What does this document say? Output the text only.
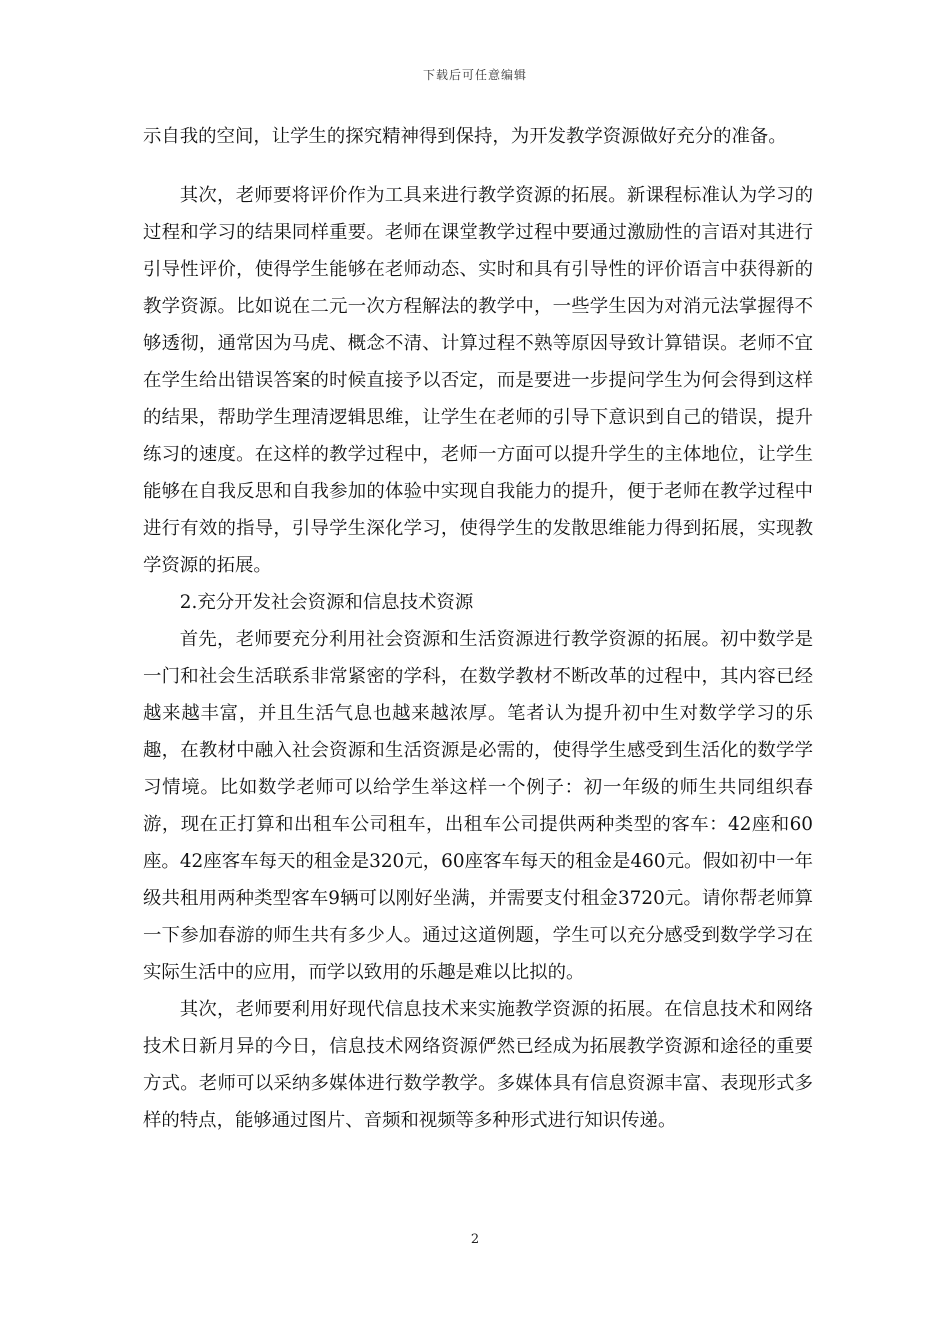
下载后可任意编辑

示自我的空间，让学生的探究精神得到保持，为开发教学资源做好充分的准备。

其次，老师要将评价作为工具来进行教学资源的拓展。新课程标准认为学习的过程和学习的结果同样重要。老师在课堂教学过程中要通过激励性的言语对其进行引导性评价，使得学生能够在老师动态、实时和具有引导性的评价语言中获得新的教学资源。比如说在二元一次方程解法的教学中，一些学生因为对消元法掌握得不够透彻，通常因为马虎、概念不清、计算过程不熟等原因导致计算错误。老师不宜在学生给出错误答案的时候直接予以否定，而是要进一步提问学生为何会得到这样的结果，帮助学生理清逻辑思维，让学生在老师的引导下意识到自己的错误，提升练习的速度。在这样的教学过程中，老师一方面可以提升学生的主体地位，让学生能够在自我反思和自我参加的体验中实现自我能力的提升，便于老师在教学过程中进行有效的指导，引导学生深化学习，使得学生的发散思维能力得到拓展，实现教学资源的拓展。

2.充分开发社会资源和信息技术资源

首先，老师要充分利用社会资源和生活资源进行教学资源的拓展。初中数学是一门和社会生活联系非常紧密的学科，在数学教材不断改革的过程中，其内容已经越来越丰富，并且生活气息也越来越浓厚。笔者认为提升初中生对数学学习的乐趣，在教材中融入社会资源和生活资源是必需的，使得学生感受到生活化的数学学习情境。比如数学老师可以给学生举这样一个例子：初一年级的师生共同组织春游，现在正打算和出租车公司租车，出租车公司提供两种类型的客车：42座和60座。42座客车每天的租金是320元，60座客车每天的租金是460元。假如初中一年级共租用两种类型客车9辆可以刚好坐满，并需要支付租金3720元。请你帮老师算一下参加春游的师生共有多少人。通过这道例题，学生可以充分感受到数学学习在实际生活中的应用，而学以致用的乐趣是难以比拟的。

其次，老师要利用好现代信息技术来实施教学资源的拓展。在信息技术和网络技术日新月异的今日，信息技术网络资源俨然已经成为拓展教学资源和途径的重要方式。老师可以采纳多媒体进行数学教学。多媒体具有信息资源丰富、表现形式多样的特点，能够通过图片、音频和视频等多种形式进行知识传递。

2
